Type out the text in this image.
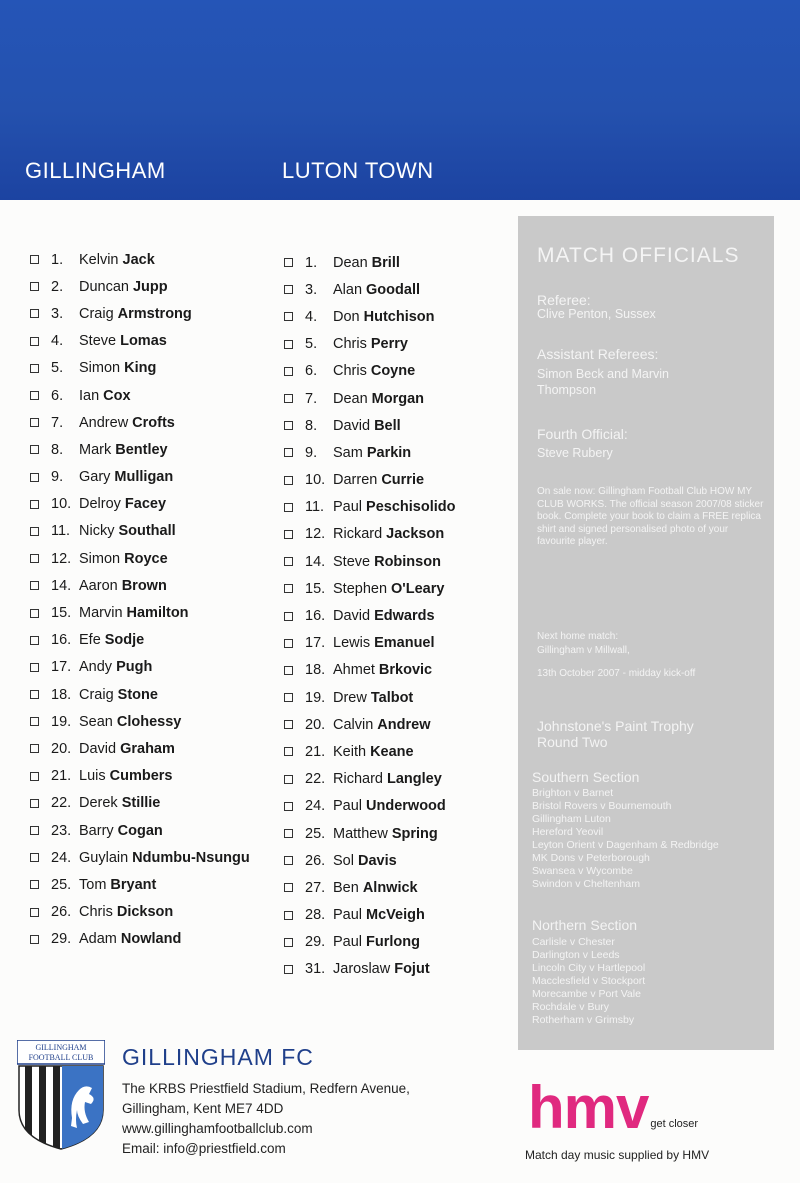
GILLINGHAM	LUTON TOWN
1.	Kelvin Jack
2.	Duncan Jupp
3.	Craig Armstrong
4.	Steve Lomas
5.	Simon King
6.	Ian Cox
7.	Andrew Crofts
8.	Mark Bentley
9.	Gary Mulligan
10. Delroy Facey
11. Nicky Southall
12. Simon Royce
14. Aaron Brown
15. Marvin Hamilton
16. Efe Sodje
17. Andy Pugh
18. Craig Stone
19. Sean Clohessy
20. David Graham
21. Luis Cumbers
22. Derek Stillie
23. Barry Cogan
24. Guylain Ndumbu-Nsungu
25. Tom Bryant
26. Chris Dickson
29. Adam Nowland
1.	Dean Brill
3.	Alan Goodall
4.	Don Hutchison
5.	Chris Perry
6.	Chris Coyne
7.	Dean Morgan
8.	David Bell
9.	Sam Parkin
10. Darren Currie
11. Paul Peschisolido
12. Rickard Jackson
14. Steve Robinson
15. Stephen O'Leary
16. David Edwards
17. Lewis Emanuel
18. Ahmet Brkovic
19. Drew Talbot
20. Calvin Andrew
21. Keith Keane
22. Richard Langley
24. Paul Underwood
25. Matthew Spring
26. Sol Davis
27. Ben Alnwick
28. Paul McVeigh
29. Paul Furlong
31. Jaroslaw Fojut
MATCH OFFICIALS
Referee:
Clive Penton, Sussex
Assistant Referees:
Simon Beck and Marvin Thompson
Fourth Official:
Steve Rubery
On sale now: Gillingham Football Club HOW MY CLUB WORKS. The official season 2007/08 sticker book. Complete your book to claim a FREE replica shirt and signed personalised photo of your favourite player.
Next home match:
Gillingham v Millwall,
13th October 2007 - midday kick-off
Johnstone's Paint Trophy Round Two
Southern Section
Brighton v Barnet
Bristol Rovers v Bournemouth
Gillingham Luton
Hereford Yeovil
Leyton Orient v Dagenham & Redbridge
MK Dons v Peterborough
Swansea v Wycombe
Swindon v Cheltenham
Northern Section
Carlisle v Chester
Darlington v Leeds
Lincoln City v Hartlepool
Macclesfield v Stockport
Morecambe v Port Vale
Rochdale v Bury
Rotherham v Grimsby
GILLINGHAM
FOOTBALL CLUB GILLINGHAM FC
The KRBS Priestfield Stadium, Redfern Avenue,
Gillingham, Kent ME7 4DD
www.gillinghamfootballclub.com
Email: info@priestfield.com
hmv get closer
Match day music supplied by HMV
